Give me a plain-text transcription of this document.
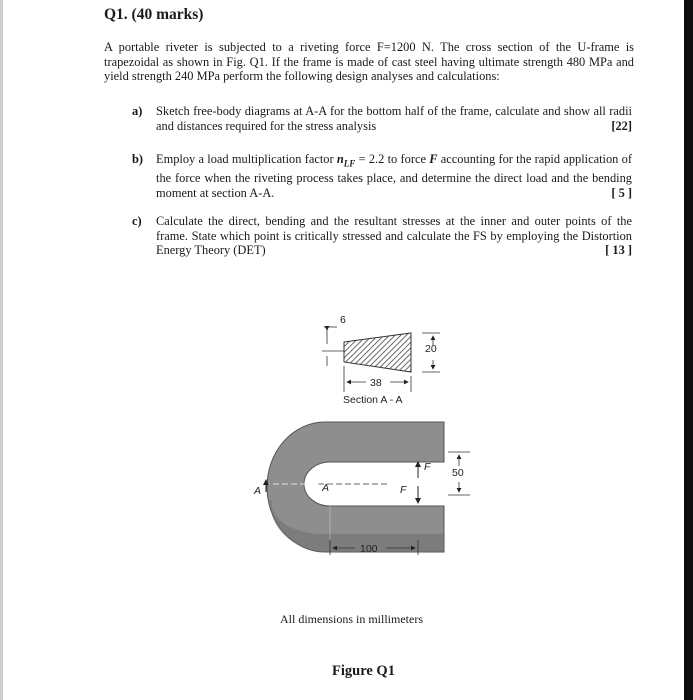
Q1. (40 marks)
A portable riveter is subjected to a riveting force F=1200 N. The cross section of the U-frame is trapezoidal as shown in Fig. Q1. If the frame is made of cast steel having ultimate strength 480 MPa and yield strength 240 MPa perform the following design analyses and calculations:
a) Sketch free-body diagrams at A-A for the bottom half of the frame, calculate and show all radii and distances required for the stress analysis	[22]
b) Employ a load multiplication factor $n_{LF} = 2.2$ to force F accounting for the rapid application of the force when the riveting process takes place, and determine the direct load and the bending moment at section A-A.	[ 5 ]
c) Calculate the direct, bending and the resultant stresses at the inner and outer points of the frame. State which point is critically stressed and calculate the FS by employing the Distortion Energy Theory (DET)	[ 13 ]
6
20
38
Section A - A
F
F
A	A
50
100
All dimensions in millimeters
Figure Q1
